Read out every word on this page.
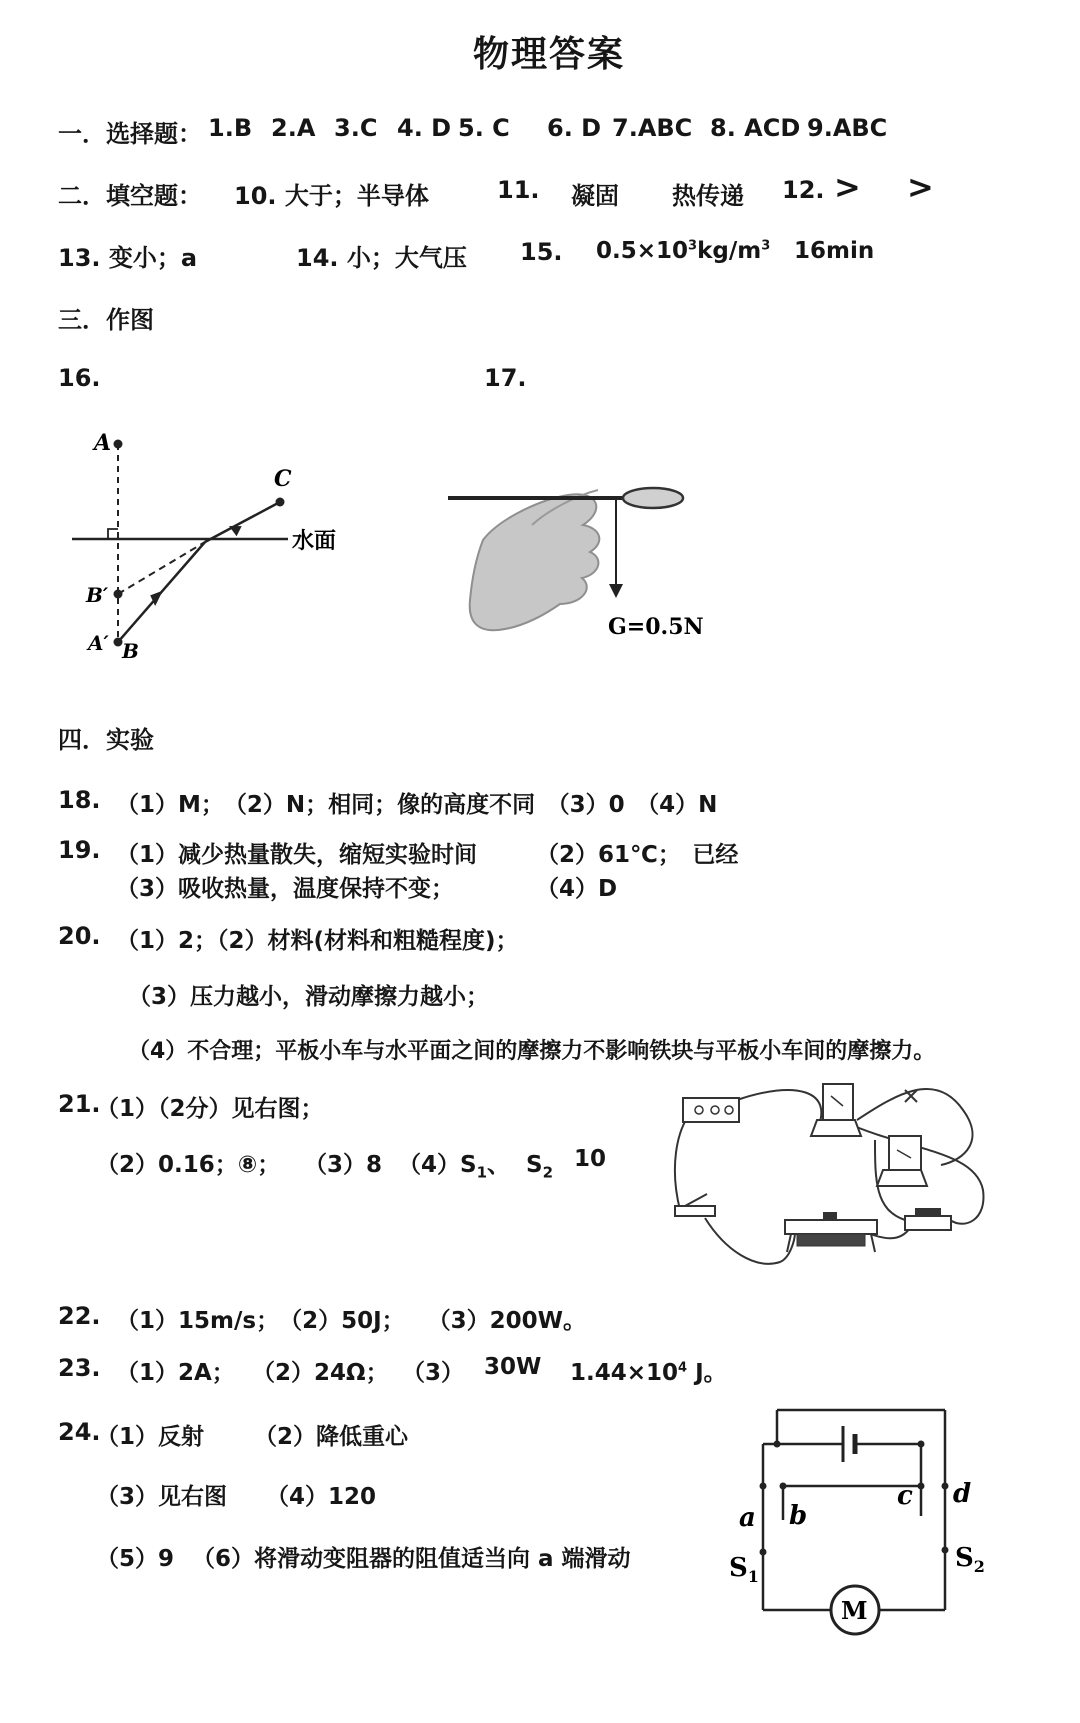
物理答案
一．选择题： 1.B 2.A 3.C 4. D 5. C 6. D 7.ABC 8. ACD 9.ABC
二．填空题： 10. 大于；半导体	11. 凝固 热传递 12. > >
13. 变小；a	14. 小；大气压 15. $0.5\times 10^3kg/m^3$ 16min
三．作图
16.	17.
A
C
水面
B′
A′ B
G=0.5N
四．实验
18. （1）M；　（2）N；相同；像的高度不同　（3）0　（4）N
19. （1）减少热量散失，缩短实验时间	（2）61℃；　已经
（3）吸收热量，温度保持不变；	（4）D
20. （1）2；（2）材料(材料和粗糙程度)；
（3）压力越小，滑动摩擦力越小；
（4）不合理；平板小车与水平面之间的摩擦力不影响铁块与平板小车间的摩擦力。
21.
（1）（2分）见右图；
（2）0.16；⑧； （3）8 $(4)S_1$、 $S_2$
10
22. （1）15m/s；　（2）50J；　　（3）200W。
23. （1）2A； （2）24Ω； （3） 30W $1.44\times 10^4$ J。
24.
（1）反射 （2）降低重心
（3）见右图 （4）120
（5）9 （6）将滑动变阻器的阻值适当向 a 端滑动
M
a b
c d
$S_1$
$S_2$
